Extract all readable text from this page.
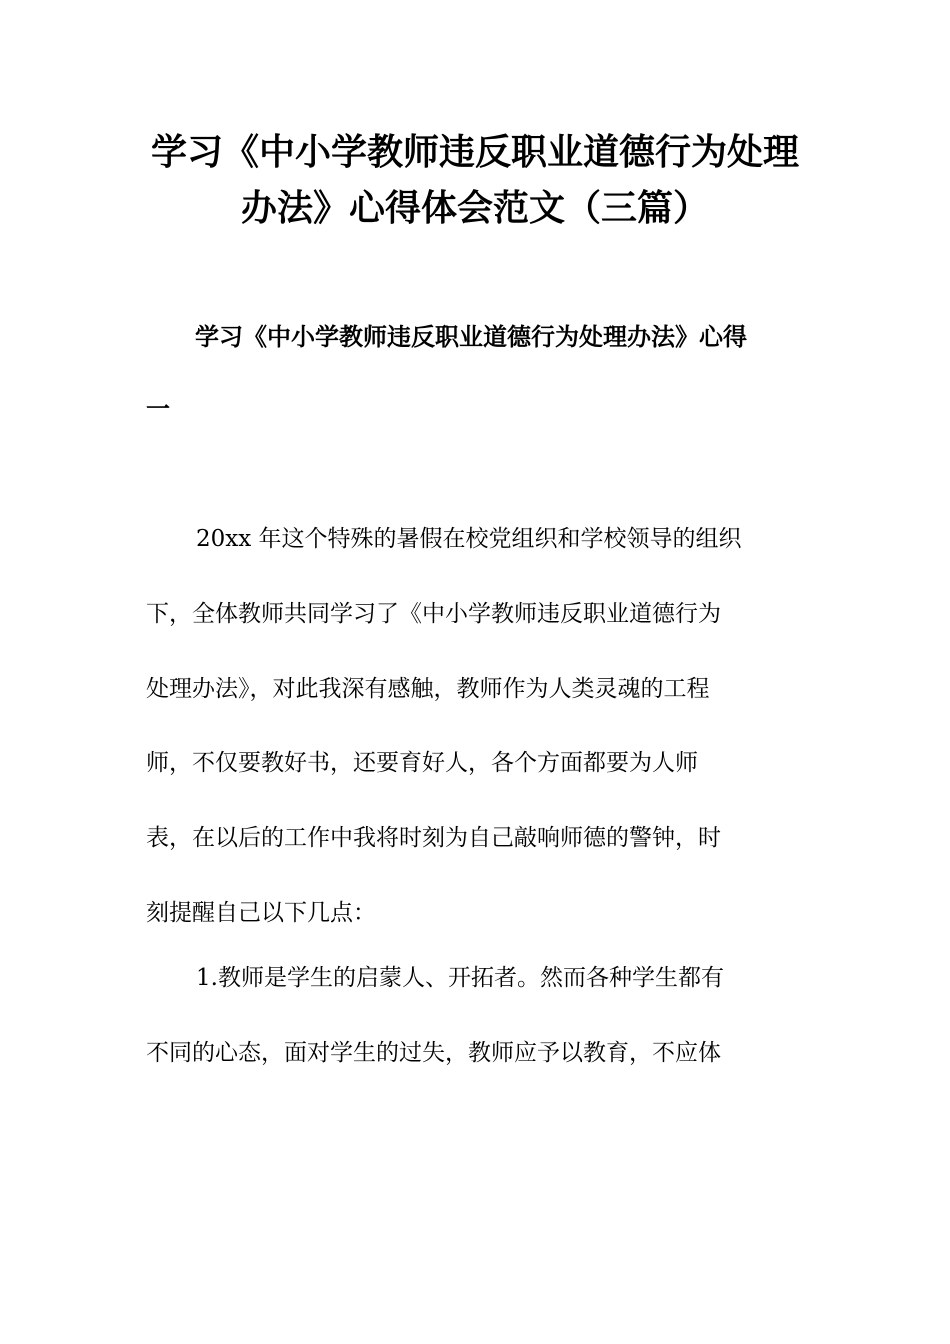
学习《中小学教师违反职业道德行为处理
办法》心得体会范文（三篇）
学习《中小学教师违反职业道德行为处理办法》心得
一
20xx 年这个特殊的暑假在校党组织和学校领导的组织
下，全体教师共同学习了《中小学教师违反职业道德行为
处理办法》，对此我深有感触，教师作为人类灵魂的工程
师，不仅要教好书，还要育好人，各个方面都要为人师
表，在以后的工作中我将时刻为自己敲响师德的警钟，时
刻提醒自己以下几点：
1.教师是学生的启蒙人、开拓者。然而各种学生都有
不同的心态，面对学生的过失，教师应予以教育，不应体
